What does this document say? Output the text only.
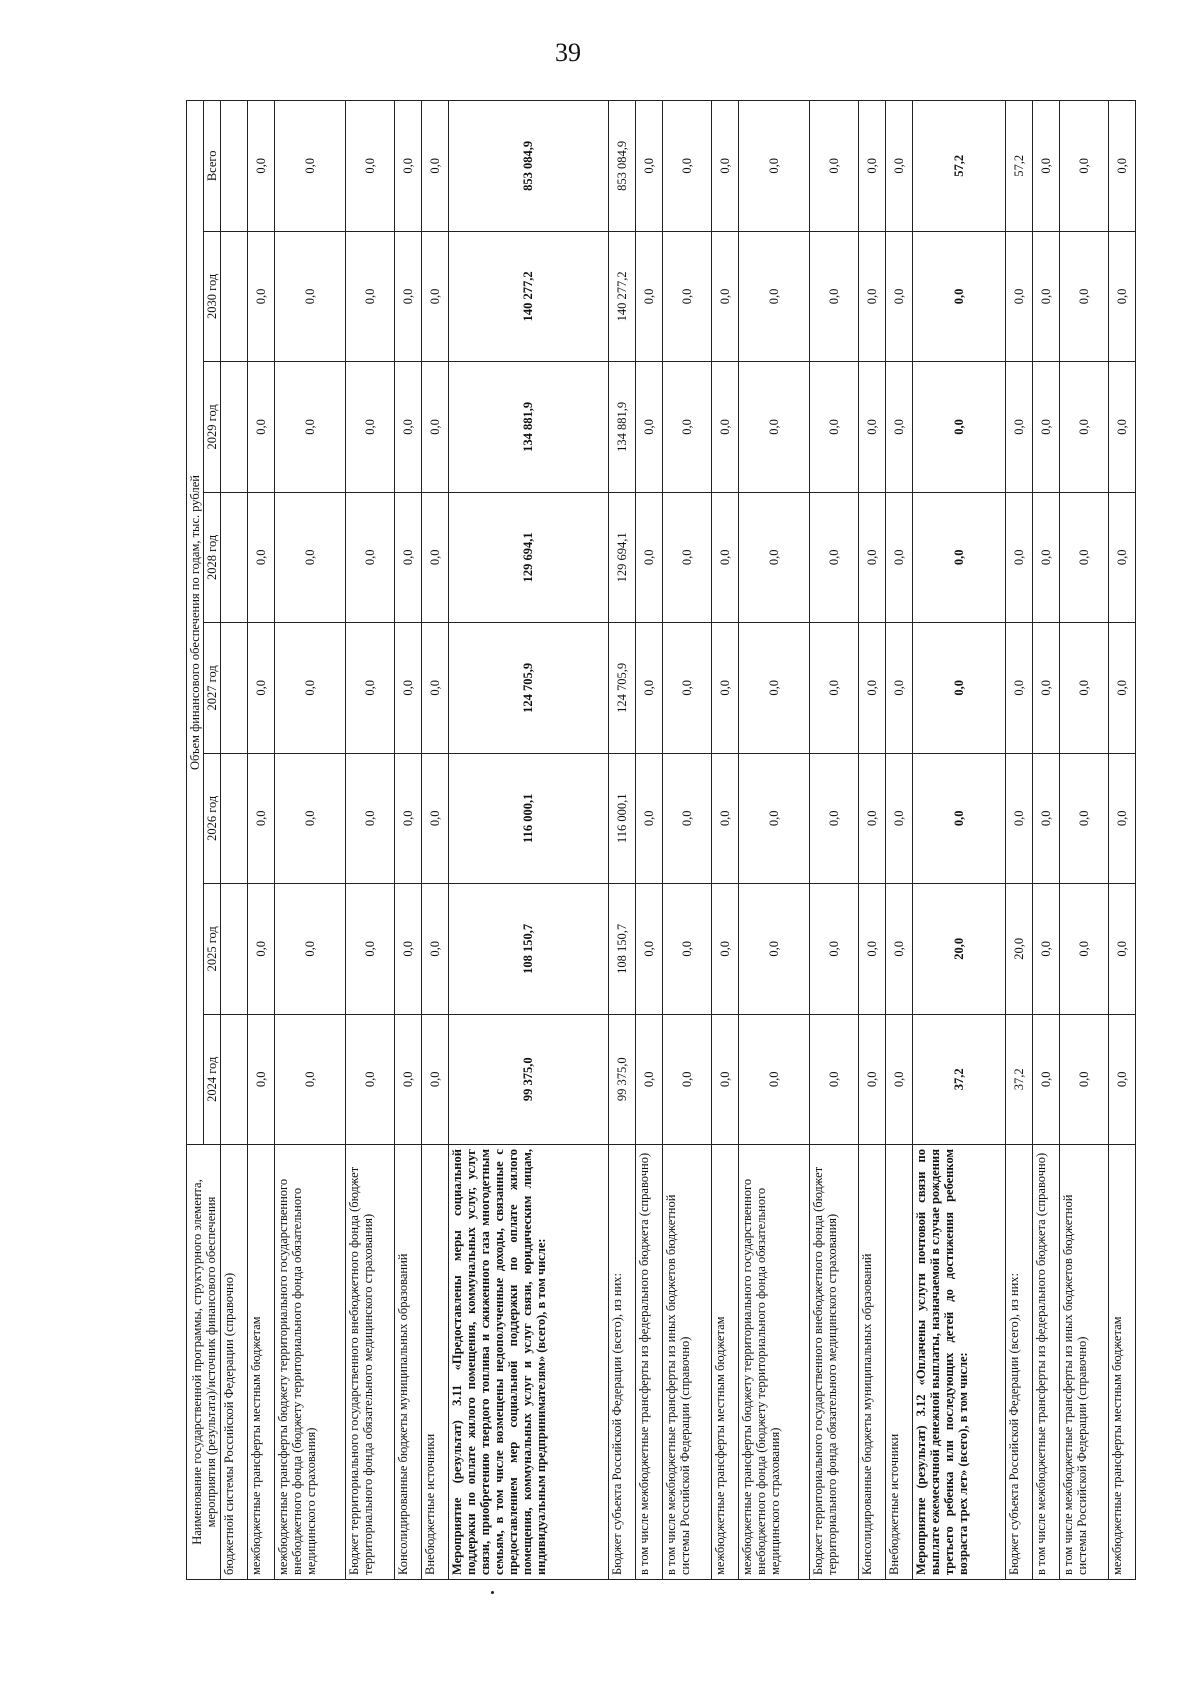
39
Наименование государственной программы, структурного элемента, мероприятия (результата)/источник финансового обеспечения	Объем финансового обеспечения по годам, тыс. рублей							
	2024 год	2025 год	2026 год	2027 год	2028 год	2029 год	2030 год	Всего
бюджетной системы Российской Федерации (справочно)								
межбюджетные трансферты местным бюджетам	0,0	0,0	0,0	0,0	0,0	0,0	0,0	0,0
межбюджетные трансферты бюджету территориального государственного внебюджетного фонда (бюджету территориального фонда обязательного медицинского страхования)	0,0	0,0	0,0	0,0	0,0	0,0	0,0	0,0
Бюджет территориального государственного внебюджетного фонда (бюджет территориального фонда обязательного медицинского страхования)	0,0	0,0	0,0	0,0	0,0	0,0	0,0	0,0
Консолидированные бюджеты муниципальных образований	0,0	0,0	0,0	0,0	0,0	0,0	0,0	0,0
Внебюджетные источники	0,0	0,0	0,0	0,0	0,0	0,0	0,0	0,0
Мероприятие (результат) 3.11 «Предоставлены меры социальной поддержки по оплате жилого помещения, коммунальных услуг, услуг связи, приобретению твердого топлива и сжиженного газа многодетным семьям, в том числе возмещены недополученные доходы, связанные с предоставлением мер социальной поддержки по оплате жилого помещения, коммунальных услуг и услуг связи, юридическим лицам, индивидуальным предпринимателям» (всего), в том числе:	99 375,0	108 150,7	116 000,1	124 705,9	129 694,1	134 881,9	140 277,2	853 084,9
Бюджет субъекта Российской Федерации (всего), из них:	99 375,0	108 150,7	116 000,1	124 705,9	129 694,1	134 881,9	140 277,2	853 084,9
в том числе межбюджетные трансферты из федерального бюджета (справочно)	0,0	0,0	0,0	0,0	0,0	0,0	0,0	0,0
в том числе межбюджетные трансферты из иных бюджетов бюджетной системы Российской Федерации (справочно)	0,0	0,0	0,0	0,0	0,0	0,0	0,0	0,0
межбюджетные трансферты местным бюджетам	0,0	0,0	0,0	0,0	0,0	0,0	0,0	0,0
межбюджетные трансферты бюджету территориального государственного внебюджетного фонда (бюджету территориального фонда обязательного медицинского страхования)	0,0	0,0	0,0	0,0	0,0	0,0	0,0	0,0
Бюджет территориального государственного внебюджетного фонда (бюджет территориального фонда обязательного медицинского страхования)	0,0	0,0	0,0	0,0	0,0	0,0	0,0	0,0
Консолидированные бюджеты муниципальных образований	0,0	0,0	0,0	0,0	0,0	0,0	0,0	0,0
Внебюджетные источники	0,0	0,0	0,0	0,0	0,0	0,0	0,0	0,0
Мероприятие (результат) 3.12 «Оплачены услуги почтовой связи по выплате ежемесячной денежной выплаты, назначаемой в случае рождения третьего ребенка или последующих детей до достижения ребенком возраста трех лет» (всего), в том числе:	37,2	20,0	0,0	0,0	0,0	0,0	0,0	57,2
Бюджет субъекта Российской Федерации (всего), из них:	37,2	20,0	0,0	0,0	0,0	0,0	0,0	57,2
в том числе межбюджетные трансферты из федерального бюджета (справочно)	0,0	0,0	0,0	0,0	0,0	0,0	0,0	0,0
в том числе межбюджетные трансферты из иных бюджетов бюджетной системы Российской Федерации (справочно)	0,0	0,0	0,0	0,0	0,0	0,0	0,0	0,0
межбюджетные трансферты местным бюджетам	0,0	0,0	0,0	0,0	0,0	0,0	0,0	0,0
